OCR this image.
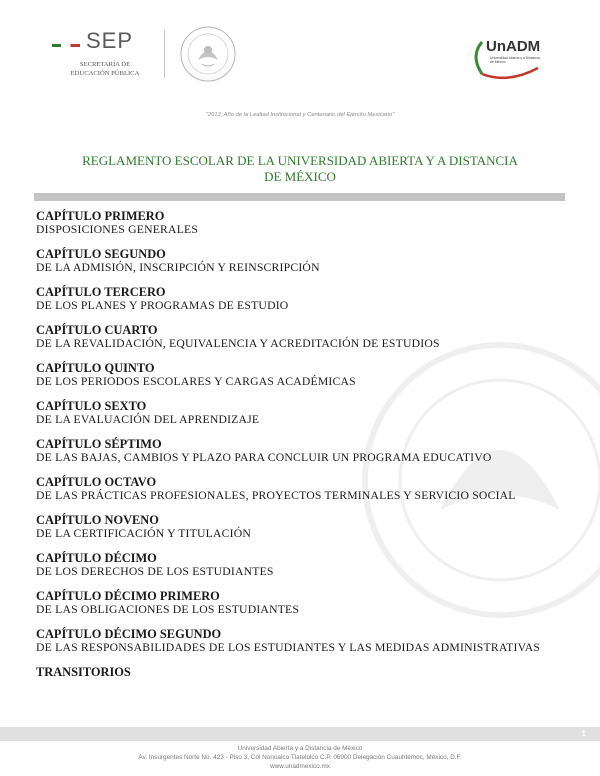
SEP
SECRETARÍA DE EDUCACIÓN PÚBLICA
UnADM
Universidad Abierta y a Distancia de México
"2013, Año de la Lealtad Institucional y Centenario del Ejército Mexicano"
REGLAMENTO ESCOLAR DE LA UNIVERSIDAD ABIERTA Y A DISTANCIA DE MÉXICO
CAPÍTULO PRIMERO
DISPOSICIONES GENERALES
CAPÍTULO SEGUNDO
DE LA ADMISIÓN, INSCRIPCIÓN Y REINSCRIPCIÓN
CAPÍTULO TERCERO
DE LOS PLANES Y PROGRAMAS DE ESTUDIO
CAPÍTULO CUARTO
DE LA REVALIDACIÓN, EQUIVALENCIA Y ACREDITACIÓN DE ESTUDIOS
CAPÍTULO QUINTO
DE LOS PERIODOS ESCOLARES Y CARGAS ACADÉMICAS
CAPÍTULO SEXTO
DE LA EVALUACIÓN DEL APRENDIZAJE
CAPÍTULO SÉPTIMO
DE LAS BAJAS, CAMBIOS Y PLAZO PARA CONCLUIR UN PROGRAMA EDUCATIVO
CAPÍTULO OCTAVO
DE LAS PRÁCTICAS PROFESIONALES, PROYECTOS TERMINALES Y SERVICIO SOCIAL
CAPÍTULO NOVENO
DE LA CERTIFICACIÓN Y TITULACIÓN
CAPÍTULO DÉCIMO
DE LOS DERECHOS DE LOS ESTUDIANTES
CAPÍTULO DÉCIMO PRIMERO
DE LAS OBLIGACIONES DE LOS ESTUDIANTES
CAPÍTULO DÉCIMO SEGUNDO
DE LAS RESPONSABILIDADES DE LOS ESTUDIANTES Y LAS MEDIDAS ADMINISTRATIVAS
TRANSITORIOS
1
Universidad Abierta y a Distancia de México
Av. Insurgentes Norte No. 423 - Piso 3, Col Nonoalco Tlatelolco C.P. 06900 Delegación Cuauhtémoc, México, D.F.
www.unadmexico.mx
